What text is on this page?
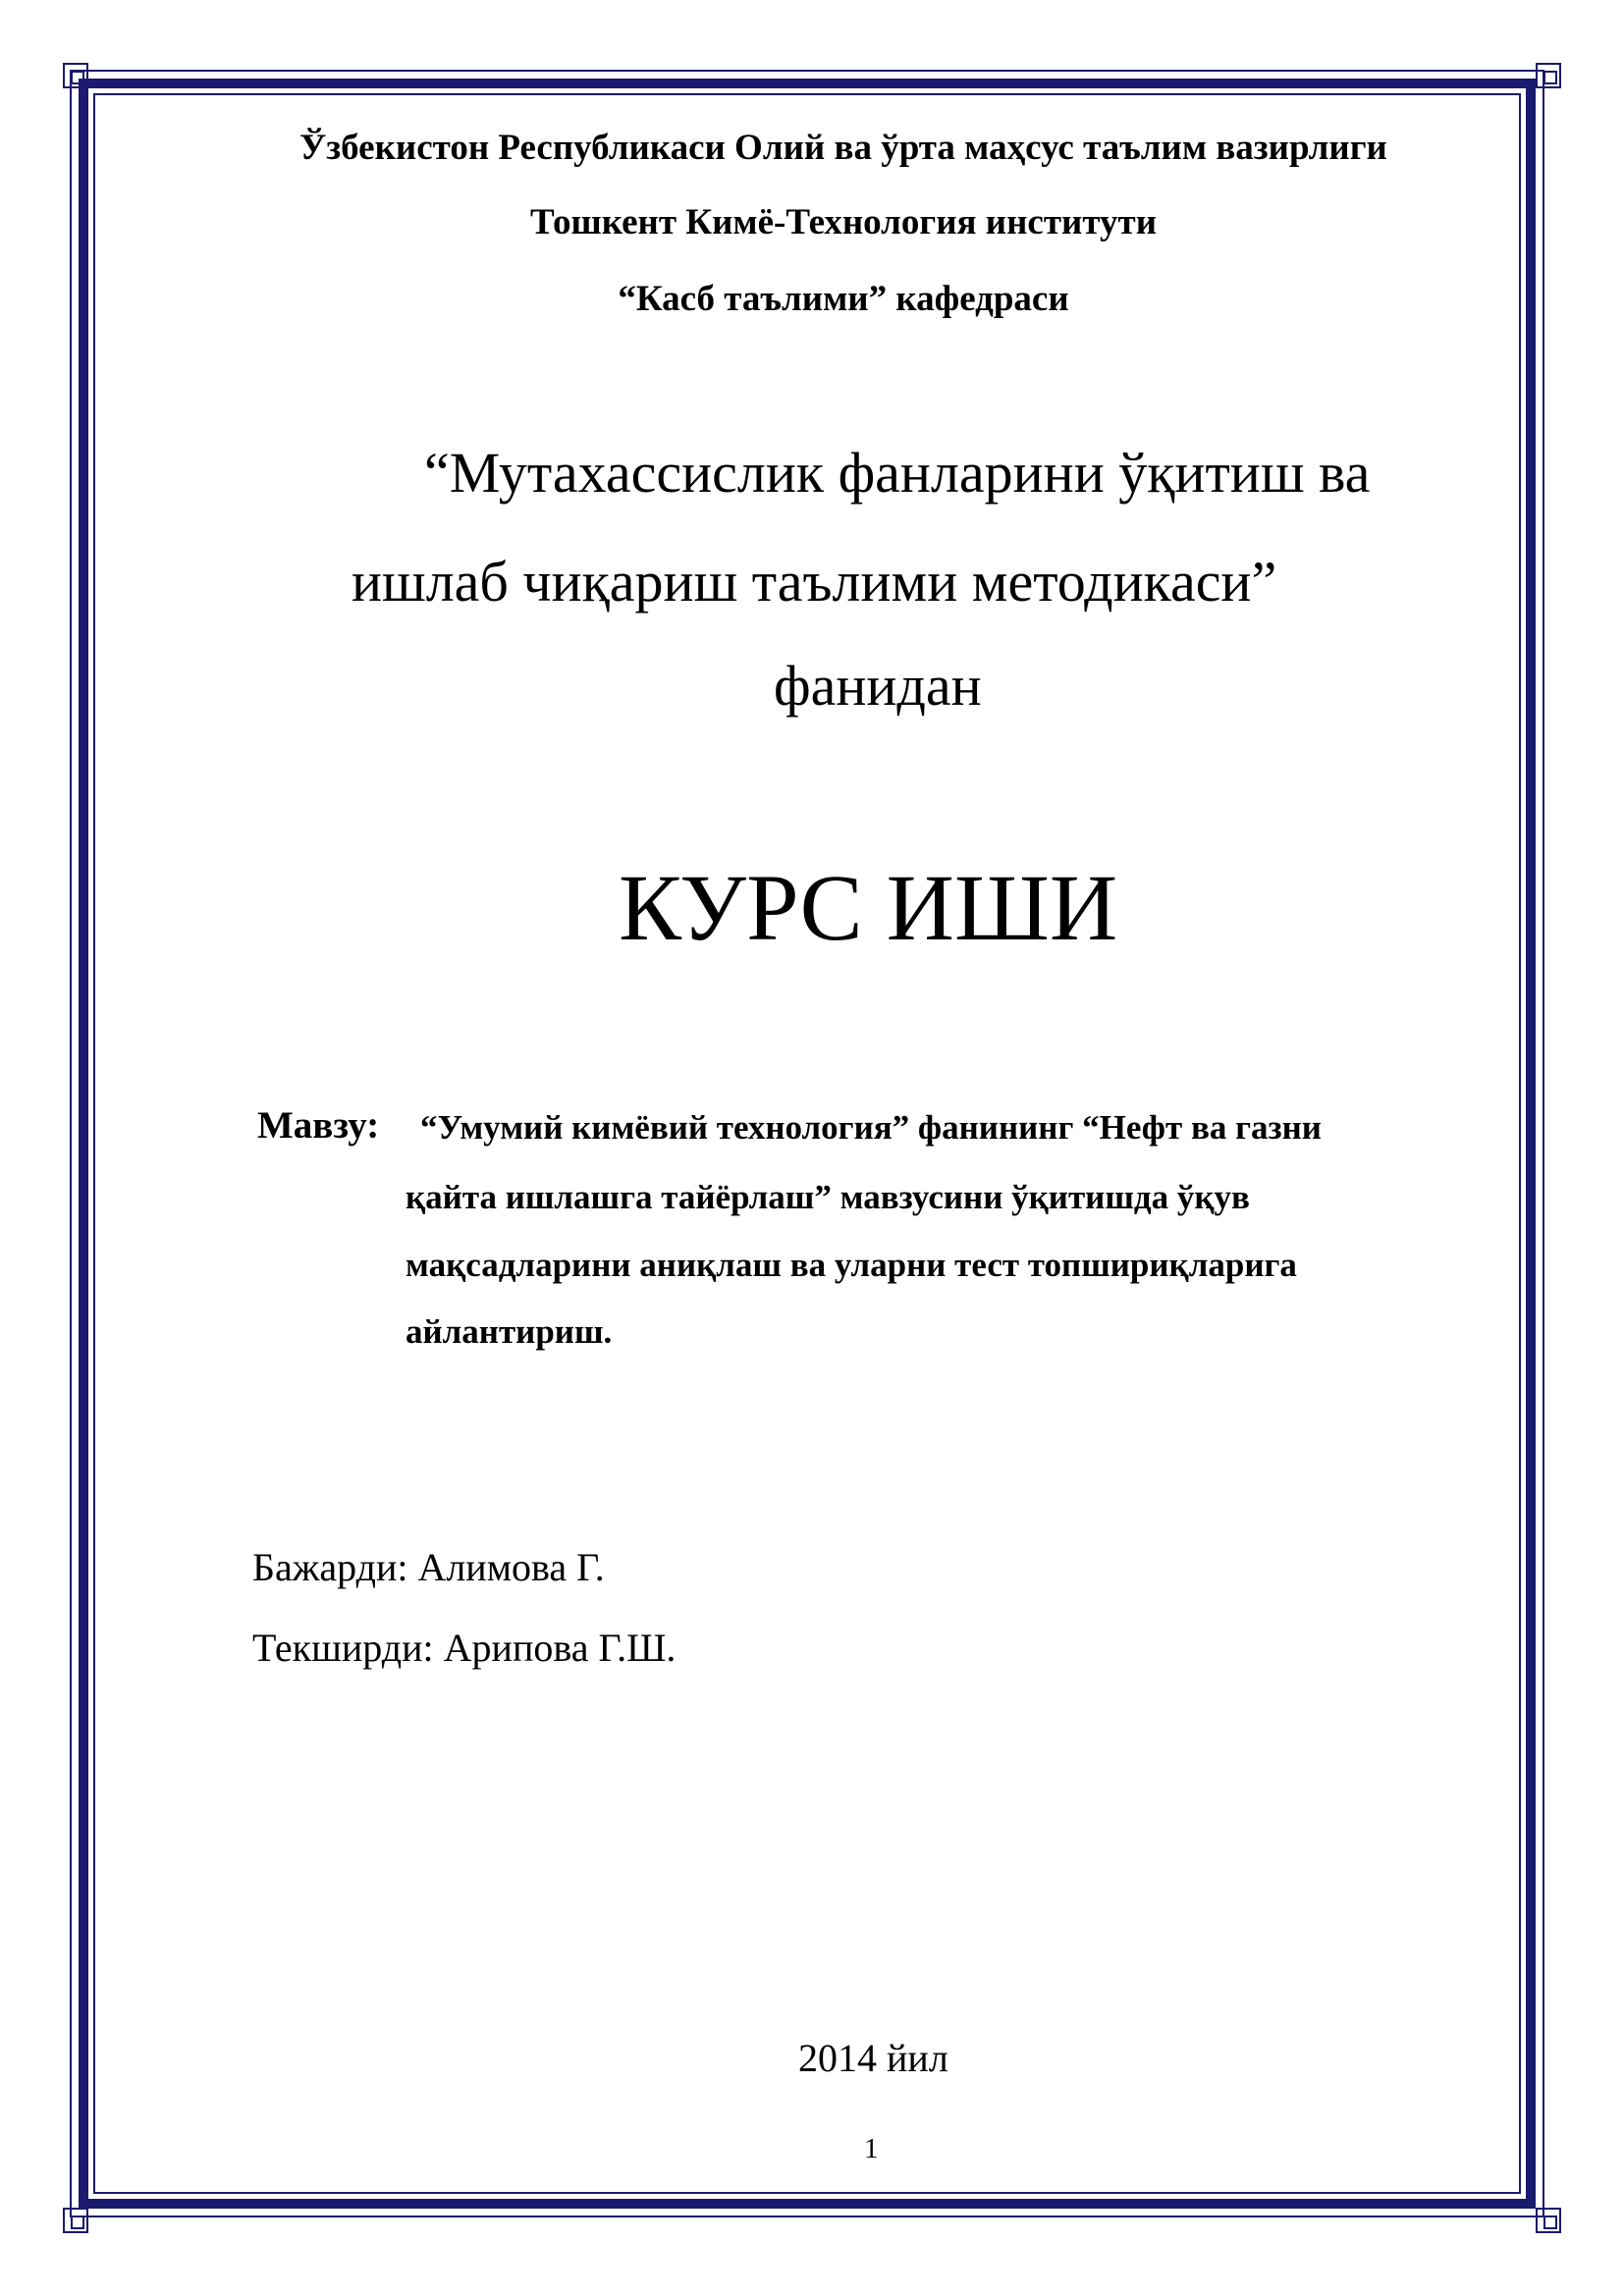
Ўзбекистон Республикаси Олий ва ўрта маҳсус таълим вазирлиги
Тошкент Кимё-Технология институти
“Касб таълими” кафедраси
“Мутахассислик фанларини ўқитиш ва
ишлаб чиқариш таълими методикаси”
фанидан
КУРС ИШИ
Мавзу: “Умумий кимёвий технология” фанининг “Нефт ва газни
қайта ишлашга тайёрлаш” мавзусини ўқитишда ўқув
мақсадларини аниқлаш ва уларни тест топшириқларига
айлантириш.
Бажарди: Алимова Г.
Текширди: Арипова Г.Ш.
2014 йил
1
